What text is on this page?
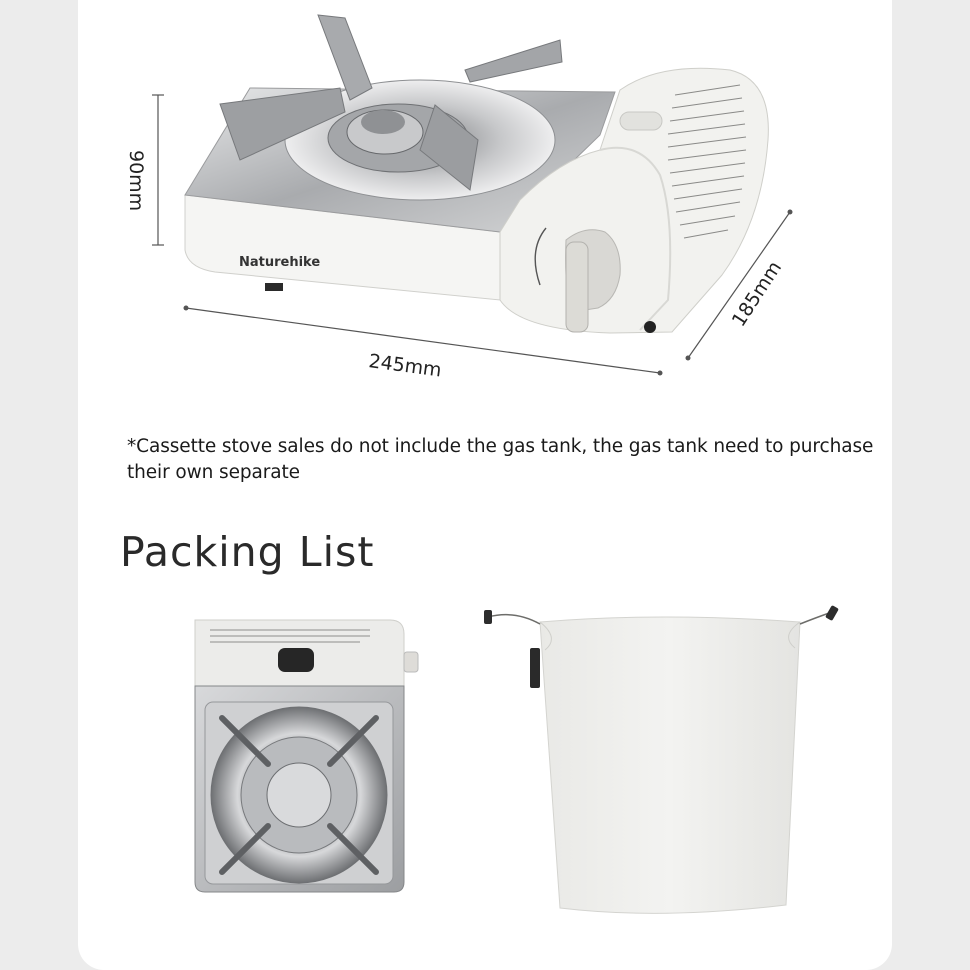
90mm
245mm
185mm
Naturehike
*Cassette stove sales do not include the gas tank, the gas tank need to purchase their own separate
Packing List
